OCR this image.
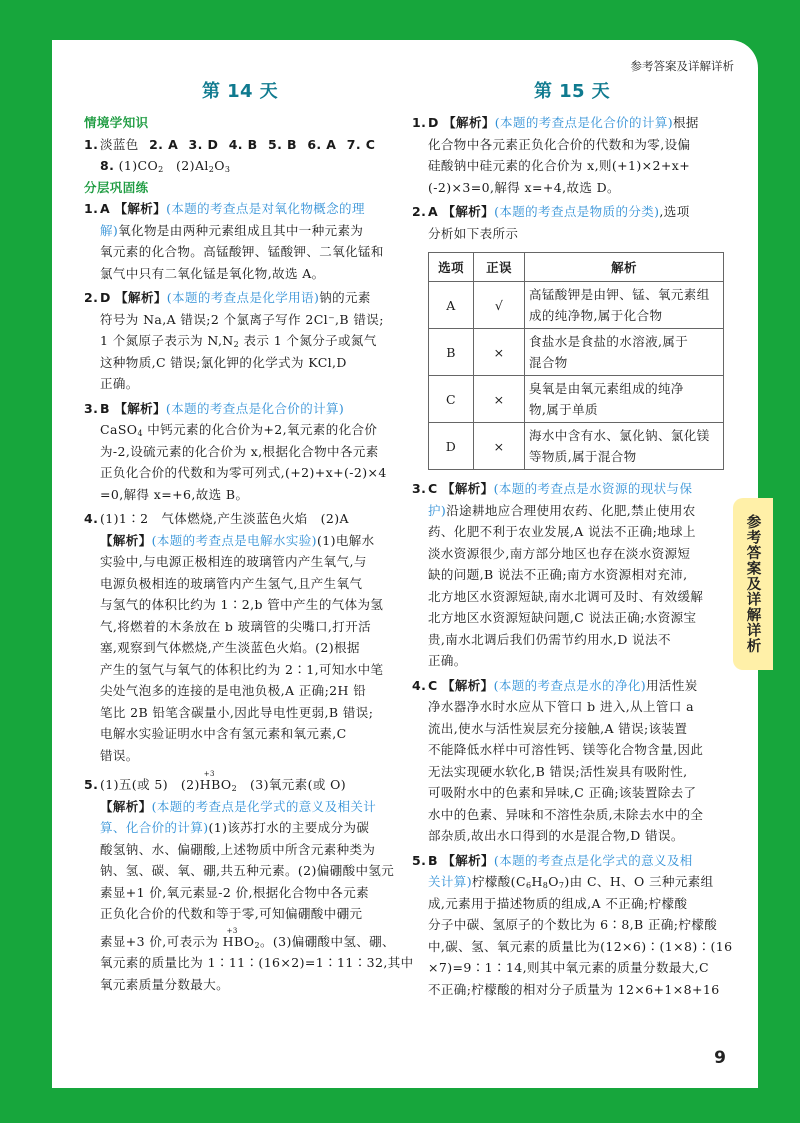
参考答案及详解详析
第 14 天
情境学知识
1. 淡蓝色 2. A 3. D 4. B 5. B 6. A 7. C
8. $(1)CO_2$ $(2)Al_2O_3$
分层巩固练
1. A 【解析】(本题的考查点是对氧化物概念的理
解)氧化物是由两种元素组成且其中一种元素为
氧元素的化合物。高锰酸钾、锰酸钾、二氧化锰和
氯气中只有二氧化锰是氧化物,故选 A。
2. D 【解析】(本题的考查点是化学用语)钠的元素
符号为 Na,A 错误;2 个氯离子写作 2Cl⁻,B 错误;
1 个氮原子表示为 $N,N_2$ 表示 1 个氮分子或氮气
这种物质,C 错误;氯化钾的化学式为 KCl,D
正确。
3. B 【解析】(本题的考查点是化合价的计算)
CaSO$_4$ 中钙元素的化合价为+2,氧元素的化合价
为-2,设硫元素的化合价为 x,根据化合物中各元素
正负化合价的代数和为零可列式,(+2)+x+(-2)×4
=0,解得 x=+6,故选 B。
4. (1)1∶2　气体燃烧,产生淡蓝色火焰　(2)A
【解析】(本题的考查点是电解水实验)(1)电解水
实验中,与电源正极相连的玻璃管内产生氧气,与
电源负极相连的玻璃管内产生氢气,且产生氧气
与氢气的体积比约为 1∶2,b 管中产生的气体为氢
气,将燃着的木条放在 b 玻璃管的尖嘴口,打开活
塞,观察到气体燃烧,产生淡蓝色火焰。(2)根据
产生的氢气与氧气的体积比约为 2∶1,可知水中笔
尖处气泡多的连接的是电池负极,A 正确;2H 铅
笔比 2B 铅笔含碳量小,因此导电性更弱,B 错误;
电解水实验证明水中含有氢元素和氧元素,C
错误。
5. (1)五(或 5)　(2)
+3
$HBO_2$　(3)氧元素(或 O)
【解析】(本题的考查点是化学式的意义及相关计
算、化合价的计算)(1)该苏打水的主要成分为碳
酸氢钠、水、偏硼酸,上述物质中所含元素种类为
钠、氢、碳、氧、硼,共五种元素。(2)偏硼酸中氢元
素显+1 价,氧元素显-2 价,根据化合物中各元素
正负化合价的代数和等于零,可知偏硼酸中硼元
素显+3 价,可表示为
+3
$HBO_2$。(3)偏硼酸中氢、硼、
氧元素的质量比为 1∶11∶(16×2)=1∶11∶32,其中
氧元素质量分数最大。
第 15 天
1. D 【解析】(本题的考查点是化合价的计算)根据
化合物中各元素正负化合价的代数和为零,设偏
硅酸钠中硅元素的化合价为 x,则(+1)×2+x+
(-2)×3=0,解得 x=+4,故选 D。
2. A 【解析】(本题的考查点是物质的分类),选项
分析如下表所示
选项	正误	解析
A	√	高锰酸钾是由钾、锰、氧元素组
成的纯净物,属于化合物

B	×	食盐水是食盐的水溶液,属于
混合物

C	×	臭氧是由氧元素组成的纯净
物,属于单质

D	×	海水中含有水、氯化钠、氯化镁
等物质,属于混合物
3. C 【解析】(本题的考查点是水资源的现状与保
护)沿途耕地应合理使用农药、化肥,禁止使用农
药、化肥不利于农业发展,A 说法不正确;地球上
淡水资源很少,南方部分地区也存在淡水资源短
缺的问题,B 说法不正确;南方水资源相对充沛,
北方地区水资源短缺,南水北调可及时、有效缓解
北方地区水资源短缺问题,C 说法正确;水资源宝
贵,南水北调后我们仍需节约用水,D 说法不
正确。
4. C 【解析】(本题的考查点是水的净化)用活性炭
净水器净水时水应从下管口 b 进入,从上管口 a
流出,使水与活性炭层充分接触,A 错误;该装置
不能降低水样中可溶性钙、镁等化合物含量,因此
无法实现硬水软化,B 错误;活性炭具有吸附性,
可吸附水中的色素和异味,C 正确;该装置除去了
水中的色素、异味和不溶性杂质,未除去水中的全
部杂质,故出水口得到的水是混合物,D 错误。
5. B 【解析】(本题的考查点是化学式的意义及相
关计算)柠檬酸$(C_6H_8O_7)$由 C、H、O 三种元素组
成,元素用于描述物质的组成,A 不正确;柠檬酸
分子中碳、氢原子的个数比为 6∶8,B 正确;柠檬酸
中,碳、氢、氧元素的质量比为(12×6)∶(1×8)∶(16
×7)=9∶1∶14,则其中氧元素的质量分数最大,C
不正确;柠檬酸的相对分子质量为 12×6+1×8+16
参考答案及详解详析
9
